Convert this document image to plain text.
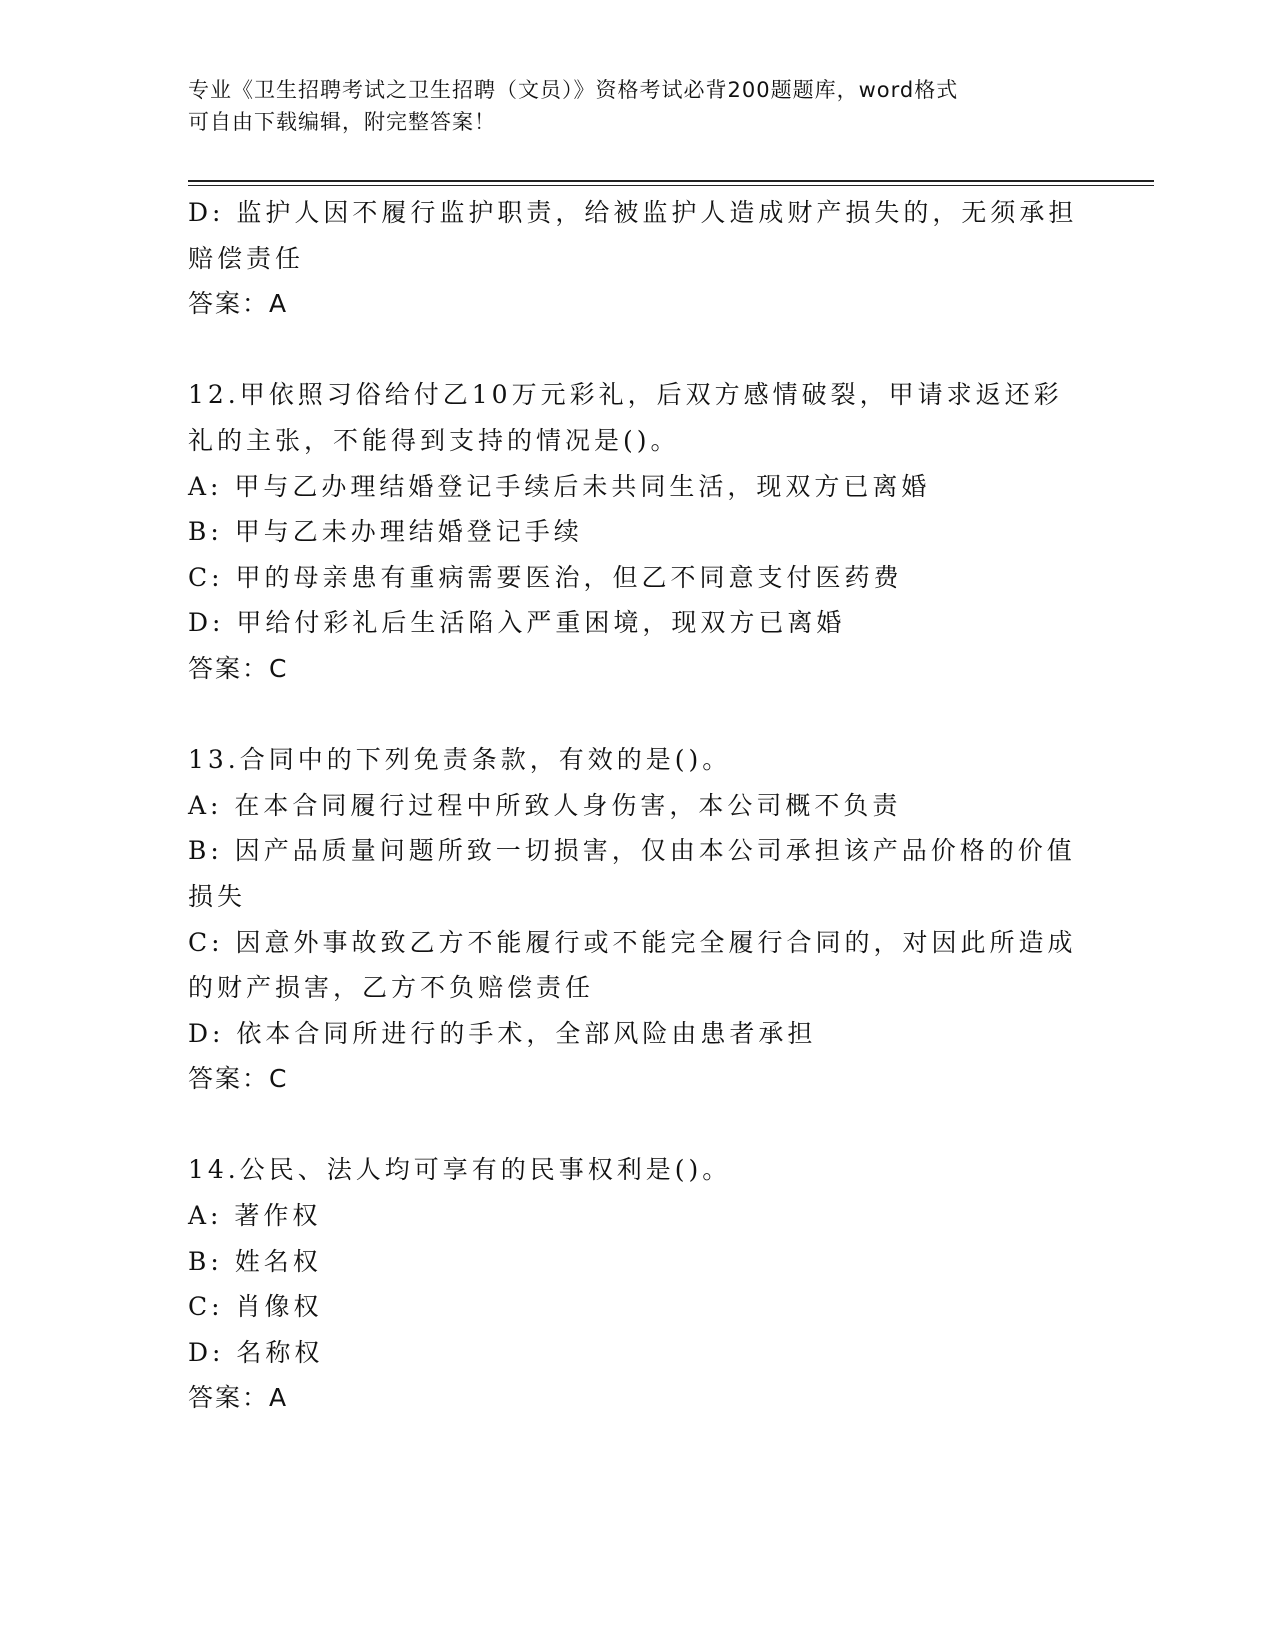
专业《卫生招聘考试之卫生招聘（文员）》资格考试必背200题题库，word格式
可自由下载编辑，附完整答案！

D: 监护人因不履行监护职责，给被监护人造成财产损失的，无须承担

赔偿责任

答案：A

12.甲依照习俗给付乙10万元彩礼，后双方感情破裂，甲请求返还彩

礼的主张，不能得到支持的情况是()。

A: 甲与乙办理结婚登记手续后未共同生活，现双方已离婚

B: 甲与乙未办理结婚登记手续

C: 甲的母亲患有重病需要医治，但乙不同意支付医药费

D: 甲给付彩礼后生活陷入严重困境，现双方已离婚

答案：C

13.合同中的下列免责条款，有效的是()。

A: 在本合同履行过程中所致人身伤害，本公司概不负责

B: 因产品质量问题所致一切损害，仅由本公司承担该产品价格的价值

损失

C: 因意外事故致乙方不能履行或不能完全履行合同的，对因此所造成

的财产损害，乙方不负赔偿责任

D: 依本合同所进行的手术，全部风险由患者承担

答案：C

14.公民、法人均可享有的民事权利是()。

A: 著作权

B: 姓名权

C: 肖像权

D: 名称权

答案：A
